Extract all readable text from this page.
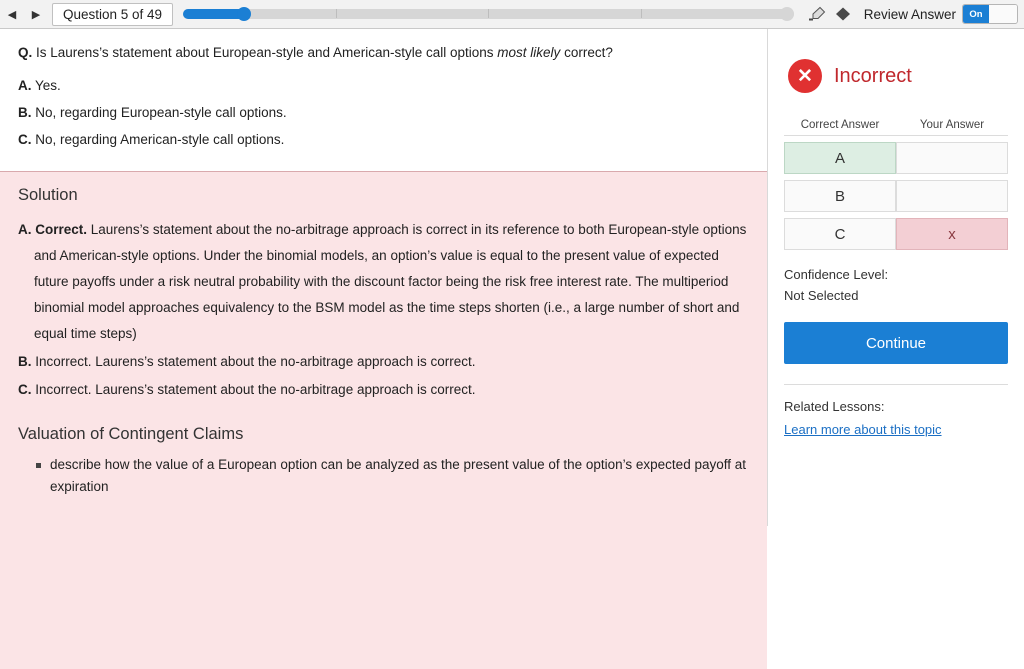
◀	▶	Question 5 of 49	Review Answer	On
Q. Is Laurens’s statement about European-style and American-style call options most likely correct?
A. Yes.
B. No, regarding European-style call options.
C. No, regarding American-style call options.
Solution
A. Correct. Laurens’s statement about the no-arbitrage approach is correct in its reference to both European-style options and American-style options. Under the binomial models, an option’s value is equal to the present value of expected future payoffs under a risk neutral probability with the discount factor being the risk free interest rate. The multiperiod binomial model approaches equivalency to the BSM model as the time steps shorten (i.e., a large number of short and equal time steps)
B. Incorrect. Laurens’s statement about the no-arbitrage approach is correct.
C. Incorrect. Laurens’s statement about the no-arbitrage approach is correct.
Valuation of Contingent Claims
describe how the value of a European option can be analyzed as the present value of the option’s expected payoff at expiration
✕	Incorrect
Correct Answer	Your Answer
A
B
C	x
Confidence Level:
Not Selected
Continue
Related Lessons:
Learn more about this topic
